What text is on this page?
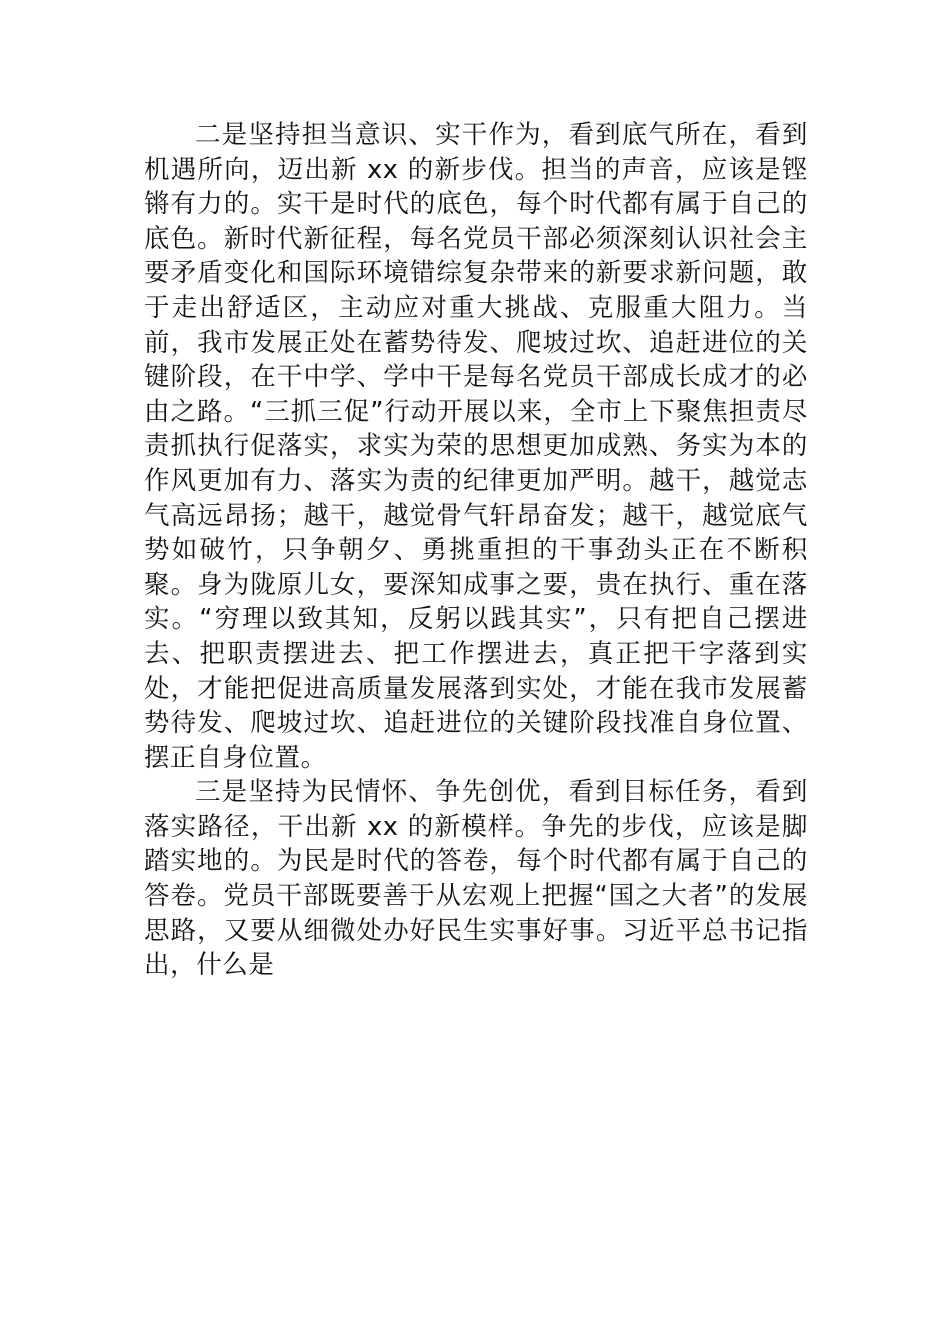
二是坚持担当意识、实干作为，看到底气所在，看到机遇所向，迈出新 xx 的新步伐。担当的声音，应该是铿锵有力的。实干是时代的底色，每个时代都有属于自己的底色。新时代新征程，每名党员干部必须深刻认识社会主要矛盾变化和国际环境错综复杂带来的新要求新问题，敢于走出舒适区，主动应对重大挑战、克服重大阻力。当前，我市发展正处在蓄势待发、爬坡过坎、追赶进位的关键阶段，在干中学、学中干是每名党员干部成长成才的必由之路。“三抓三促”行动开展以来，全市上下聚焦担责尽责抓执行促落实，求实为荣的思想更加成熟、务实为本的作风更加有力、落实为责的纪律更加严明。越干，越觉志气高远昂扬；越干，越觉骨气轩昂奋发；越干，越觉底气势如破竹，只争朝夕、勇挑重担的干事劲头正在不断积聚。身为陇原儿女，要深知成事之要，贵在执行、重在落实。“穷理以致其知，反躬以践其实”，只有把自己摆进去、把职责摆进去、把工作摆进去，真正把干字落到实处，才能把促进高质量发展落到实处，才能在我市发展蓄势待发、爬坡过坎、追赶进位的关键阶段找准自身位置、摆正自身位置。

三是坚持为民情怀、争先创优，看到目标任务，看到落实路径，干出新 xx 的新模样。争先的步伐，应该是脚踏实地的。为民是时代的答卷，每个时代都有属于自己的答卷。党员干部既要善于从宏观上把握“国之大者”的发展思路，又要从细微处办好民生实事好事。习近平总书记指出，什么是
